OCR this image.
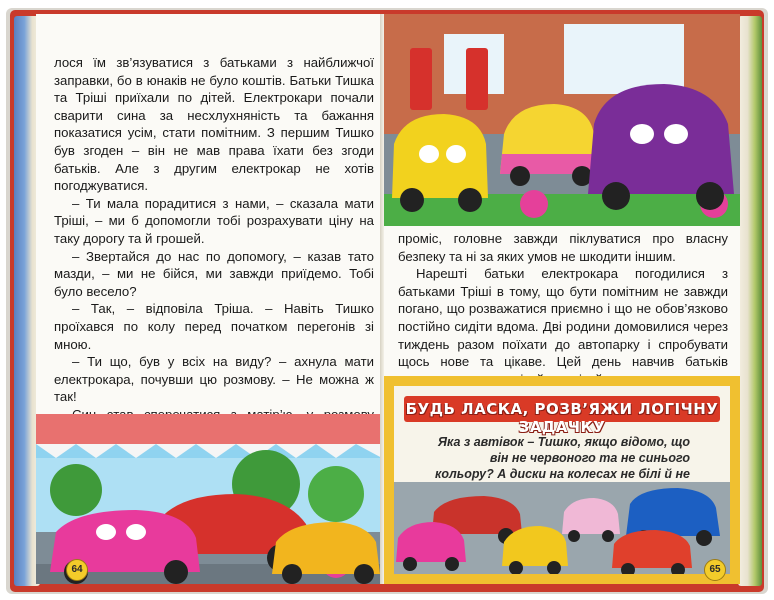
лося їм зв’язуватися з батьками з найближчої заправки, бо в юнаків не було коштів. Батьки Тишка та Тріші приїхали по дітей. Електрокари почали сварити сина за несхлухняність та бажання показатися усім, стати помітним. З першим Тишко був згоден – він не мав права їхати без згоди батьків. Але з другим електрокар не хотів погоджуватися.

– Ти мала порадитися з нами, – сказала мати Тріші, – ми б допомогли тобі розрахувати ціну на таку дорогу та й грошей.

– Звертайся до нас по допомогу, – казав тато мазди, – ми не бійся, ми завжди приїдемо. Тобі було весело?

– Так, – відповіла Тріша. – Навіть Тишко проїхався по колу перед початком перегонів зі мною.

– Ти що, був у всіх на виду? – ахнула мати електрокара, почувши цю розмову. – Не можна ж так!

64

проміс, головне завжди піклуватися про власну безпеку та ні за яких умов не шкодити іншим.

Нарешті батьки електрокара погодилися з батьками Тріші в тому, що бути помітним не завжди погано, що розважатися приємно і що не обов’язково постійно сидіти вдома. Дві родини домовилися через тиждень разом поїхати до автопарку і спробувати щось нове та цікаве. Цей день навчив батьків

БУДЬ ЛАСКА, РОЗВ’ЯЖИ ЛОГІЧНУ ЗАДАЧКУ
Яка з автівок – Тишко, якщо відомо, що він не червоного та не синього кольору? А диски на колесах не білі й не
65
